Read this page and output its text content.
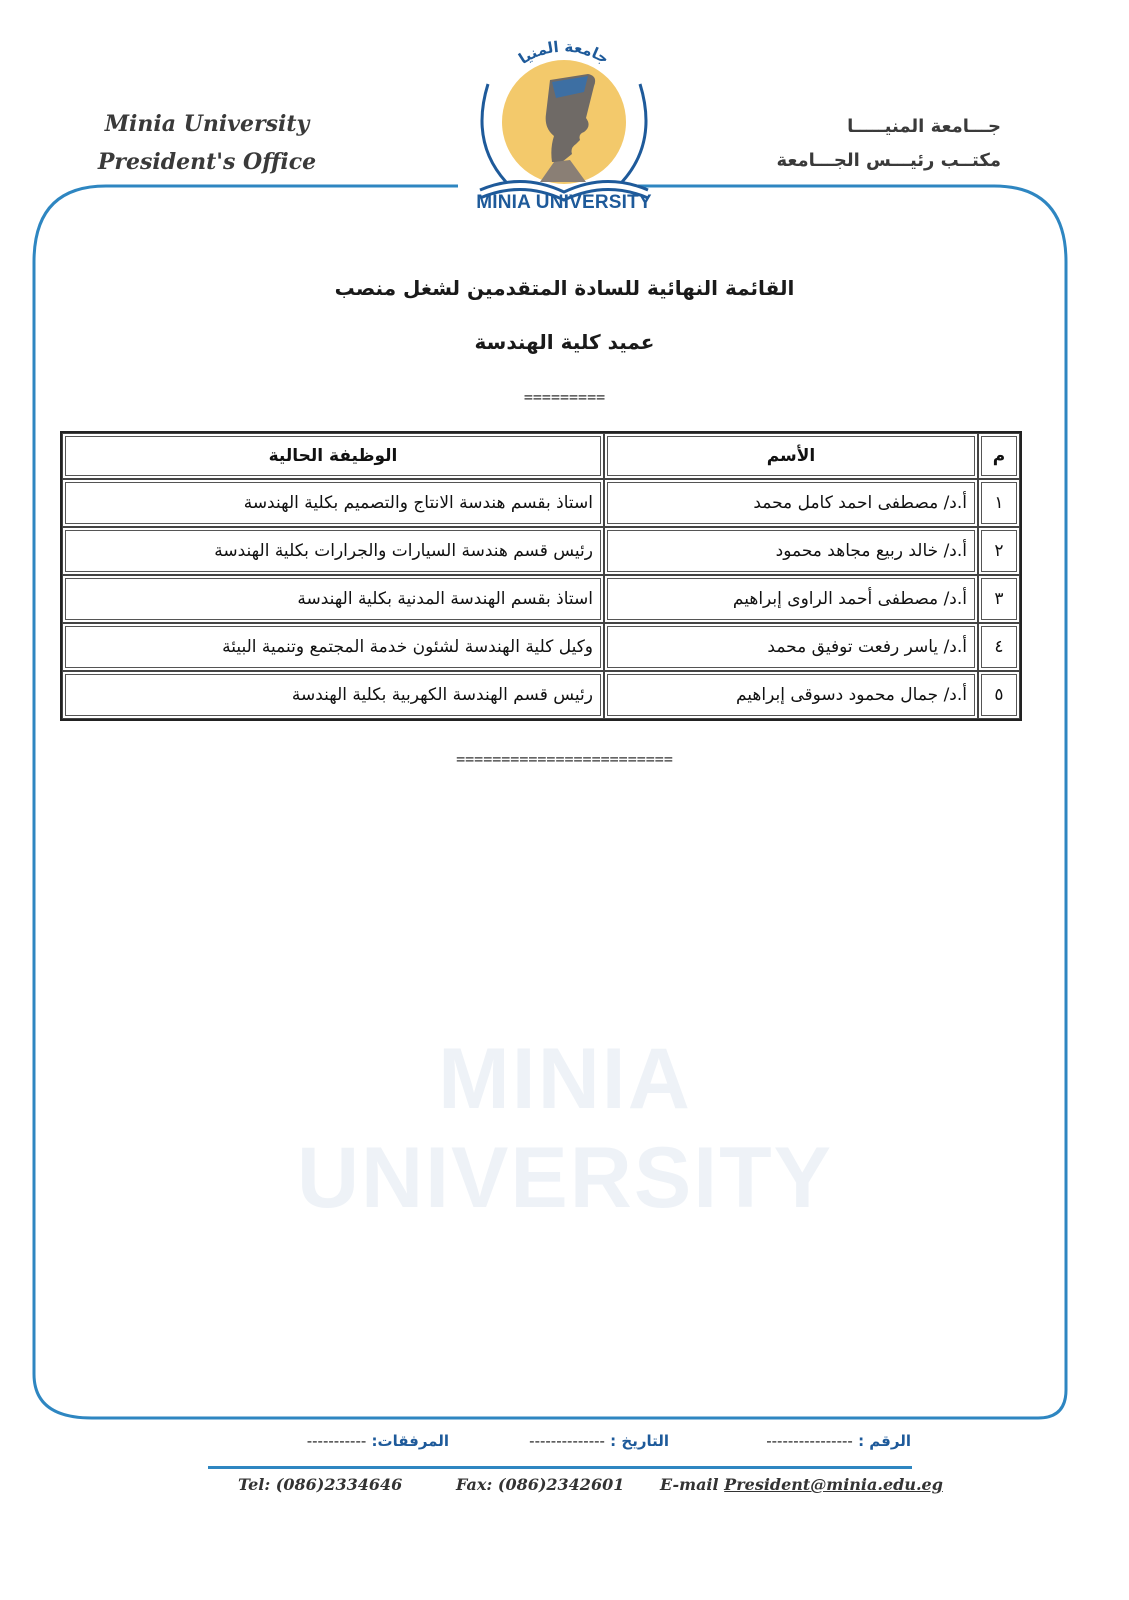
MINIA UNIVERSITY
Minia University
President's Office
جـــامعة المنيـــــا
مكتــب رئيـــس الجـــامعة
جامعة المنيا
MINIA UNIVERSITY
القائمة النهائية للسادة المتقدمين لشغل منصب
عميد كلية الهندسة
=========
م	الأسم	الوظيفة الحالية
١	أ.د/ مصطفى احمد كامل محمد	استاذ بقسم هندسة الانتاج والتصميم بكلية الهندسة
٢	أ.د/ خالد ربيع مجاهد محمود	رئيس قسم هندسة السيارات والجرارات بكلية الهندسة
٣	أ.د/ مصطفى أحمد الراوى إبراهيم	استاذ بقسم الهندسة المدنية بكلية الهندسة
٤	أ.د/ ياسر رفعت توفيق محمد	وكيل كلية الهندسة لشئون خدمة المجتمع وتنمية البيئة
٥	أ.د/ جمال محمود دسوقى إبراهيم	رئيس قسم الهندسة الكهربية بكلية الهندسة
========================
الرقم : ----------------
التاريخ : --------------
المرفقات: -----------
Tel: (086)2334646	Fax: (086)2342601 E-mail President@minia.edu.eg
